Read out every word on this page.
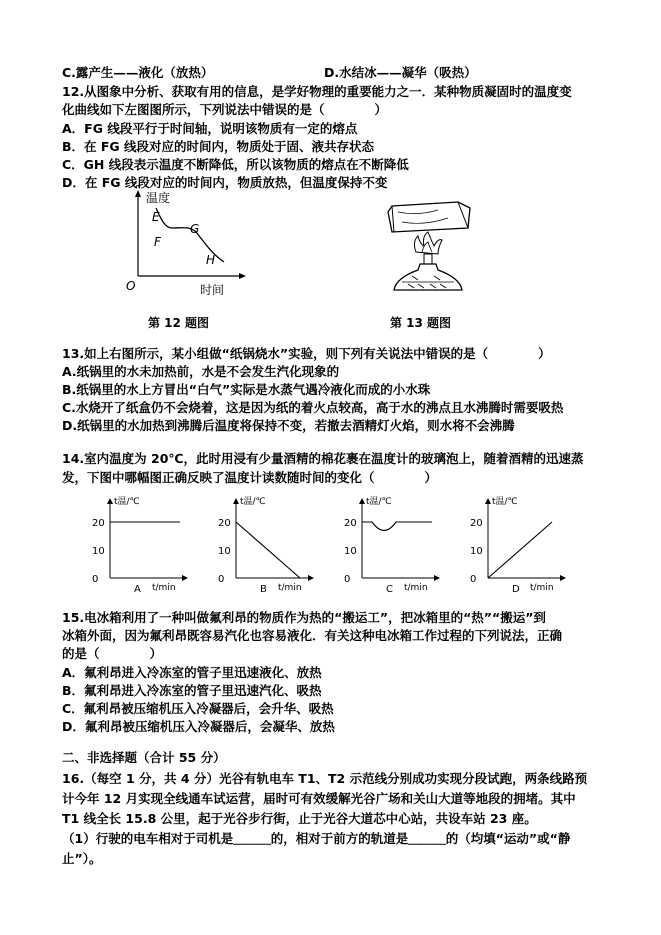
C.露产生——液化（放热）	D.水结冰——凝华（吸热）
12.从图象中分析、获取有用的信息，是学好物理的重要能力之一．某种物质凝固时的温度变
化曲线如下左图图所示，下列说法中错误的是（　　　　）
A．FG 线段平行于时间轴，说明该物质有一定的熔点
B．在 FG 线段对应的时间内，物质处于固、液共存状态
C．GH 线段表示温度不断降低，所以该物质的熔点在不断降低
D．在 FG 线段对应的时间内，物质放热，但温度保持不变
温度
E
F
G
H
O	时间
第 12 题图	第 13 题图
13.如上右图所示，某小组做“纸锅烧水”实验，则下列有关说法中错误的是（　　　　）
A.纸锅里的水未加热前，水是不会发生汽化现象的
B.纸锅里的水上方冒出“白气”实际是水蒸气遇冷液化而成的小水珠
C.水烧开了纸盒仍不会烧着，这是因为纸的着火点较高，高于水的沸点且水沸腾时需要吸热
D.纸锅里的水加热到沸腾后温度将保持不变，若撤去酒精灯火焰，则水将不会沸腾
14.室内温度为 20℃，此时用浸有少量酒精的棉花裹在温度计的玻璃泡上，随着酒精的迅速蒸
发，下图中哪幅图正确反映了温度计读数随时间的变化（　　　　）
t温/℃
t/min
20
10
0
A
t温/℃
t/min
20
10
0
B
t温/℃
t/min
20
10
0
C
t温/℃
t/min
20
10
0
D
15.电冰箱利用了一种叫做氟利昂的物质作为热的“搬运工”，把冰箱里的“热”“搬运”到
冰箱外面，因为氟利昂既容易汽化也容易液化．有关这种电冰箱工作过程的下列说法，正确
的是（　　　　）
A．氟利昂进入冷冻室的管子里迅速液化、放热
B．氟利昂进入冷冻室的管子里迅速汽化、吸热
C．氟利昂被压缩机压入冷凝器后，会升华、吸热
D．氟利昂被压缩机压入冷凝器后，会凝华、放热
二、非选择题（合计 55 分）
16.（每空 1 分，共 4 分）光谷有轨电车 T1、T2 示范线分别成功实现分段试跑，两条线路预
计今年 12 月实现全线通车试运营，届时可有效缓解光谷广场和关山大道等地段的拥堵。其中
T1 线全长 15.8 公里，起于光谷步行街，止于光谷大道芯中心站，共设车站 23 座。
（1）行驶的电车相对于司机是＿＿＿的，相对于前方的轨道是＿＿＿的（均填“运动”或“静
止”）。
